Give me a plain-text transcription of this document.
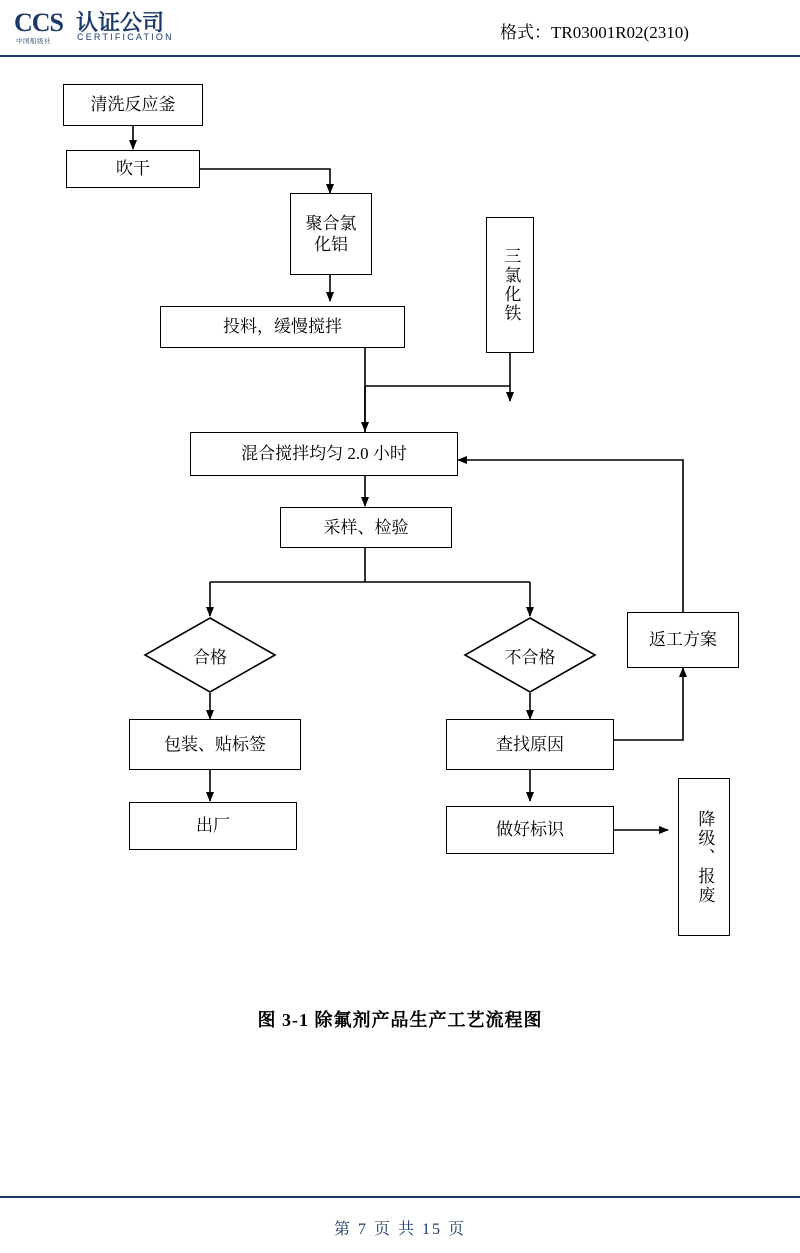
CCS 认证公司
CERTIFICATION
中国船级社	格式：TR03001R02(2310)
清洗反应釜
吹干
聚合氯化铝
三氯化铁
投料，缓慢搅拌
混合搅拌均匀 2.0 小时
采样、检验
合格	不合格
返工方案
包装、贴标签
出厂
查找原因
做好标识	降级、报废
图 3-1 除氟剂产品生产工艺流程图
第 7 页 共 15 页
